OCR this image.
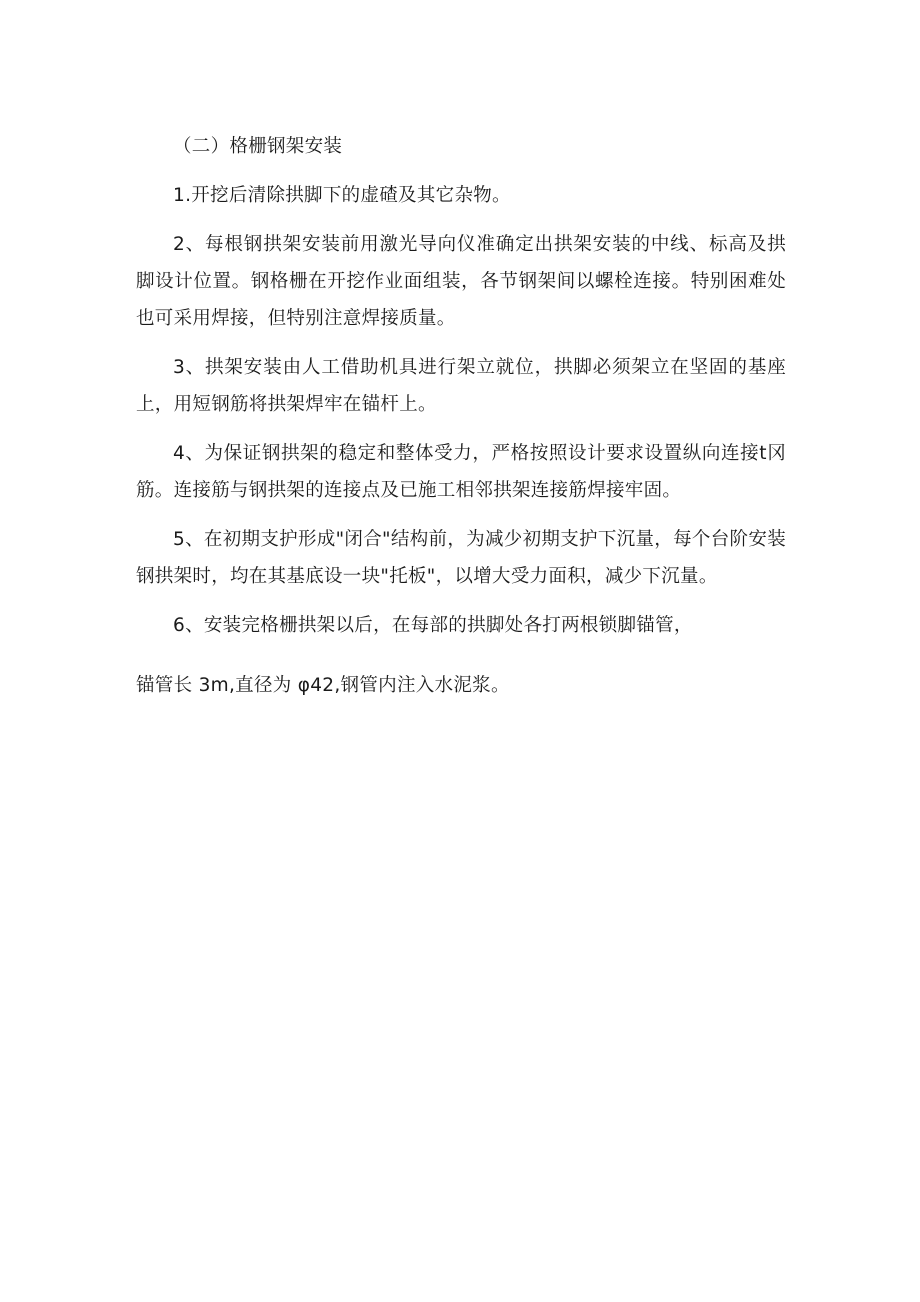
（二）格栅钢架安装

1.开挖后清除拱脚下的虚碴及其它杂物。

2、每根钢拱架安装前用激光导向仪准确定出拱架安装的中线、标高及拱脚设计位置。钢格栅在开挖作业面组装，各节钢架间以螺栓连接。特别困难处也可采用焊接，但特别注意焊接质量。

3、拱架安装由人工借助机具进行架立就位，拱脚必须架立在坚固的基座上，用短钢筋将拱架焊牢在锚杆上。

4、为保证钢拱架的稳定和整体受力，严格按照设计要求设置纵向连接t冈筋。连接筋与钢拱架的连接点及已施工相邻拱架连接筋焊接牢固。

5、在初期支护形成"闭合"结构前，为减少初期支护下沉量，每个台阶安装钢拱架时，均在其基底设一块"托板"，以增大受力面积，减少下沉量。

6、安装完格栅拱架以后，在每部的拱脚处各打两根锁脚锚管，

锚管长 3m,直径为 φ42,钢管内注入水泥浆。
